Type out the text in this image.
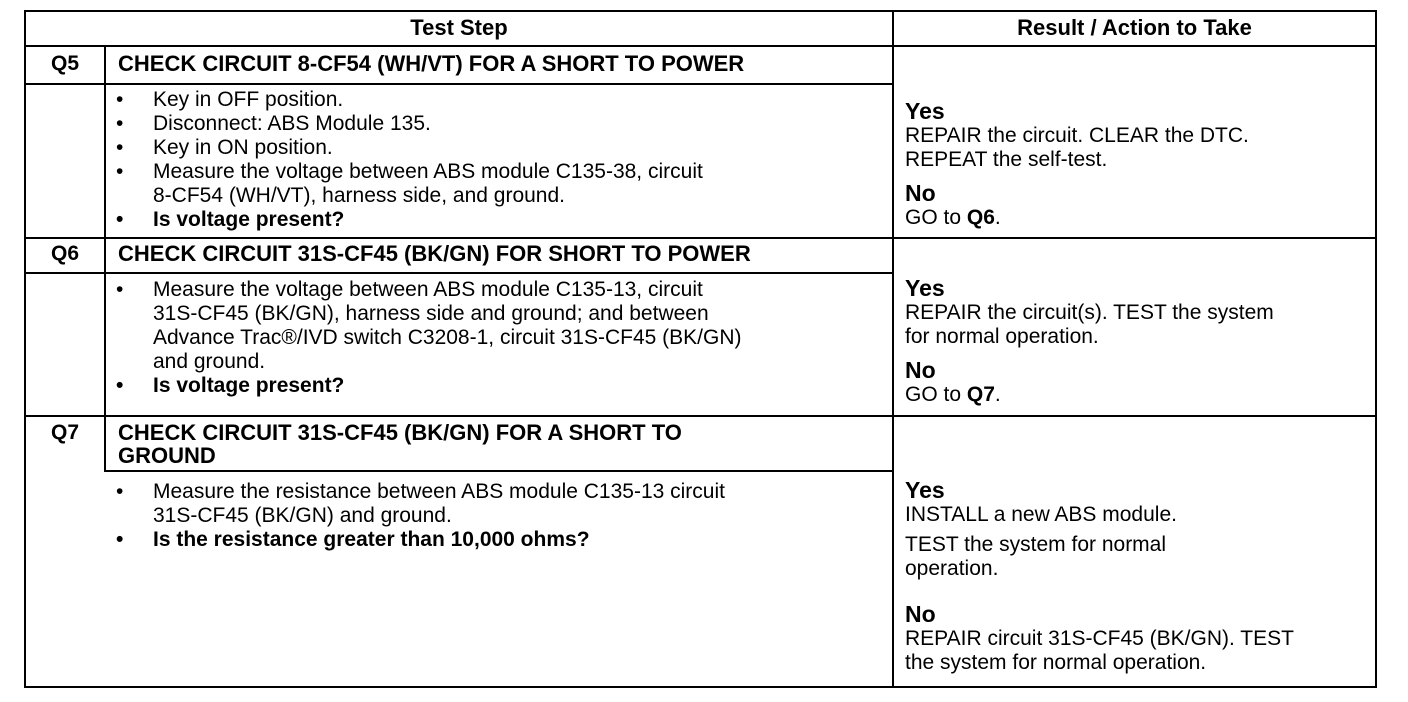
Test Step	Result / Action to Take
Q5	CHECK CIRCUIT 8-CF54 (WH/VT) FOR A SHORT TO POWER
• Key in OFF position.
• Disconnect: ABS Module 135.
• Key in ON position.
• Measure the voltage between ABS module C135-38, circuit
8-CF54 (WH/VT), harness side, and ground.
• Is voltage present?
Yes
REPAIR the circuit. CLEAR the DTC.
REPEAT the self-test.
No
GO to Q6.
Q6	CHECK CIRCUIT 31S-CF45 (BK/GN) FOR SHORT TO POWER
• Measure the voltage between ABS module C135-13, circuit
31S-CF45 (BK/GN), harness side and ground; and between
Advance Trac®/IVD switch C3208-1, circuit 31S-CF45 (BK/GN)
and ground.
• Is voltage present?
Yes
REPAIR the circuit(s). TEST the system
for normal operation.
No
GO to Q7.
Q7	CHECK CIRCUIT 31S-CF45 (BK/GN) FOR A SHORT TO
GROUND
• Measure the resistance between ABS module C135-13 circuit
31S-CF45 (BK/GN) and ground.
• Is the resistance greater than 10,000 ohms?
Yes
INSTALL a new ABS module.
TEST the system for normal
operation.
No
REPAIR circuit 31S-CF45 (BK/GN). TEST
the system for normal operation.
